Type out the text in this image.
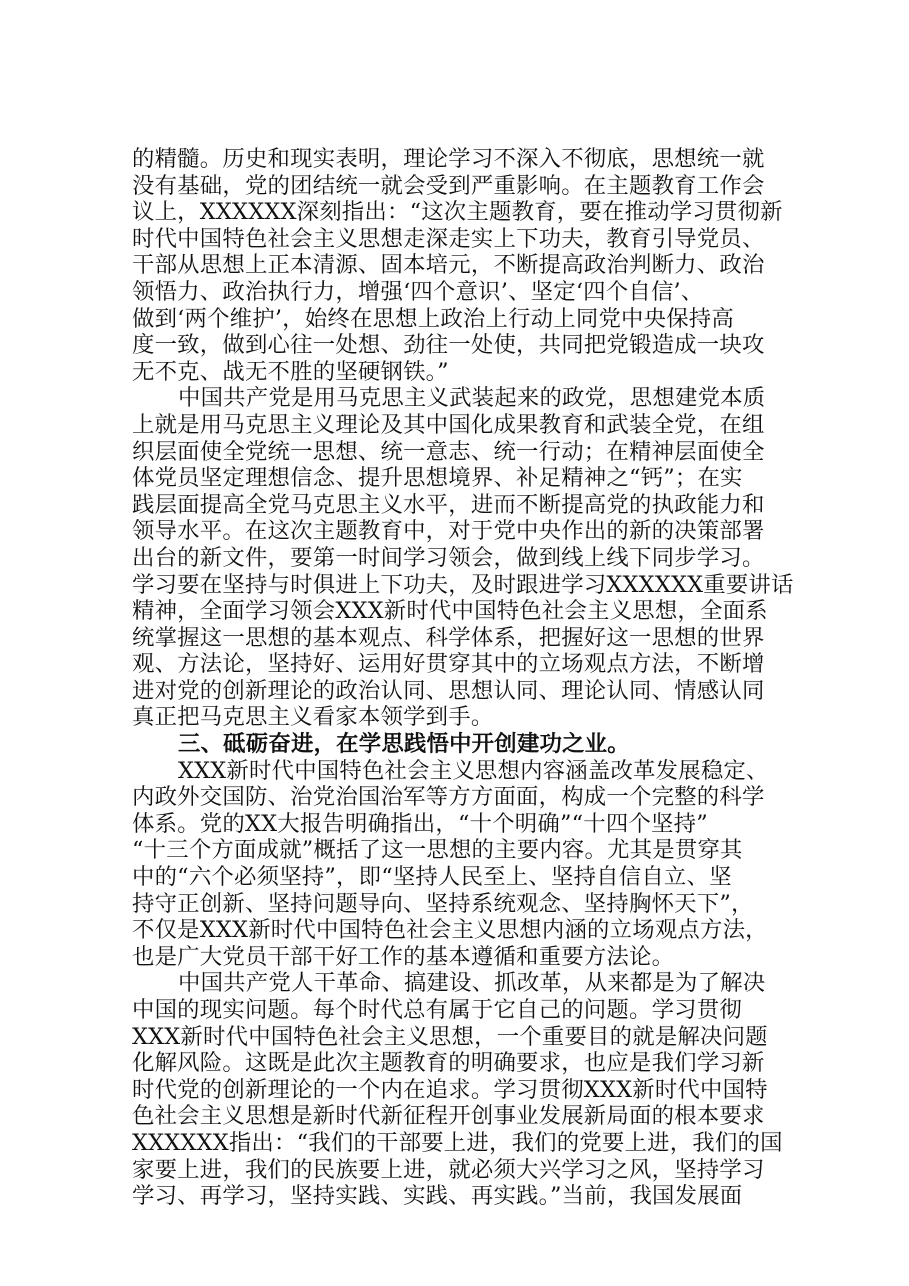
的精髓。历史和现实表明，理论学习不深入不彻底，思想统一就
没有基础，党的团结统一就会受到严重影响。在主题教育工作会
议上，XXXXXX深刻指出：“这次主题教育，要在推动学习贯彻新
时代中国特色社会主义思想走深走实上下功夫，教育引导党员、
干部从思想上正本清源、固本培元，不断提高政治判断力、政治
领悟力、政治执行力，增强‘四个意识’、坚定‘四个自信’、
做到‘两个维护’，始终在思想上政治上行动上同党中央保持高
度一致，做到心往一处想、劲往一处使，共同把党锻造成一块攻
无不克、战无不胜的坚硬钢铁。”
中国共产党是用马克思主义武装起来的政党，思想建党本质
上就是用马克思主义理论及其中国化成果教育和武装全党，在组
织层面使全党统一思想、统一意志、统一行动；在精神层面使全
体党员坚定理想信念、提升思想境界、补足精神之“钙”；在实
践层面提高全党马克思主义水平，进而不断提高党的执政能力和
领导水平。在这次主题教育中，对于党中央作出的新的决策部署
出台的新文件，要第一时间学习领会，做到线上线下同步学习。
学习要在坚持与时俱进上下功夫，及时跟进学习XXXXXX重要讲话
精神，全面学习领会XXX新时代中国特色社会主义思想，全面系
统掌握这一思想的基本观点、科学体系，把握好这一思想的世界
观、方法论，坚持好、运用好贯穿其中的立场观点方法，不断增
进对党的创新理论的政治认同、思想认同、理论认同、情感认同
真正把马克思主义看家本领学到手。
三、砥砺奋进，在学思践悟中开创建功之业。
XXX新时代中国特色社会主义思想内容涵盖改革发展稳定、
内政外交国防、治党治国治军等方方面面，构成一个完整的科学
体系。党的XX大报告明确指出，“十个明确”“十四个坚持”
“十三个方面成就”概括了这一思想的主要内容。尤其是贯穿其
中的“六个必须坚持”，即“坚持人民至上、坚持自信自立、坚
持守正创新、坚持问题导向、坚持系统观念、坚持胸怀天下”，
不仅是XXX新时代中国特色社会主义思想内涵的立场观点方法，
也是广大党员干部干好工作的基本遵循和重要方法论。
中国共产党人干革命、搞建设、抓改革，从来都是为了解决
中国的现实问题。每个时代总有属于它自己的问题。学习贯彻
XXX新时代中国特色社会主义思想，一个重要目的就是解决问题
化解风险。这既是此次主题教育的明确要求，也应是我们学习新
时代党的创新理论的一个内在追求。学习贯彻XXX新时代中国特
色社会主义思想是新时代新征程开创事业发展新局面的根本要求
XXXXXX指出：“我们的干部要上进，我们的党要上进，我们的国
家要上进，我们的民族要上进，就必须大兴学习之风，坚持学习
学习、再学习，坚持实践、实践、再实践。”当前，我国发展面
